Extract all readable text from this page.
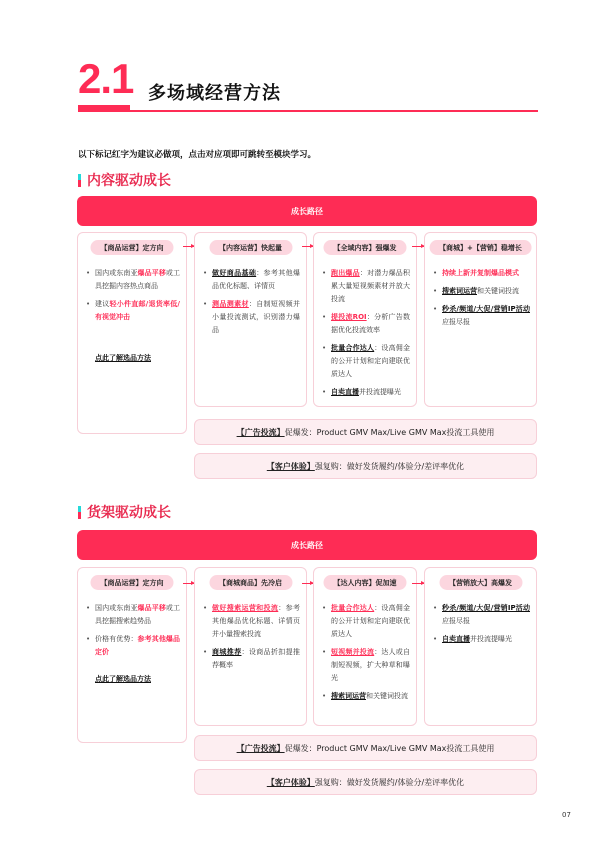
2.1 多场域经营方法
以下标记红字为建议必做项，点击对应项即可跳转至模块学习。
内容驱动成长
成长路径
【商品运营】定方向
• 国内或东南亚爆品平移或工具挖掘内容热点商品
• 建议轻小件直邮/退货率低/有视觉冲击
点此了解选品方法
【内容运营】快起量
• 做好商品基础：参考其他爆品优化标题、详情页
• 测品测素材：自制短视频并小量投流测试，识别潜力爆品
【全域内容】强爆发
• 跑出爆品：对潜力爆品积累大量短视频素材并放大投流
• 提投流ROI：分析广告数据优化投流效率
• 批量合作达人：设高佣金的公开计划和定向建联优质达人
• 自卖直播并投流提曝光
【商城】+【营销】稳增长
• 持续上新并复制爆品模式
• 搜索词运营和关键词投流
• 秒杀/频道/大促/营销IP活动应报尽报
【广告投流】 促爆发：Product GMV Max/Live GMV Max投流工具使用
【客户体验】 强复购：做好发货履约/体验分/差评率优化
货架驱动成长
成长路径
【商品运营】定方向
• 国内或东南亚爆品平移或工具挖掘搜索趋势品
• 价格有优势：参考其他爆品定价
点此了解选品方法
【商城商品】先冷启
• 做好搜索运营和投流：参考其他爆品优化标题、详情页并小量搜索投流
• 商城推荐：设商品折扣提推荐概率
【达人内容】促加速
• 批量合作达人：设高佣金的公开计划和定向建联优质达人
• 短视频并投流：达人或自制短视频，扩大种草和曝光
• 搜索词运营和关键词投流
【营销放大】高爆发
• 秒杀/频道/大促/营销IP活动应报尽报
• 自卖直播并投流提曝光
【广告投流】 促爆发：Product GMV Max/Live GMV Max投流工具使用
【客户体验】 强复购：做好发货履约/体验分/差评率优化
07
